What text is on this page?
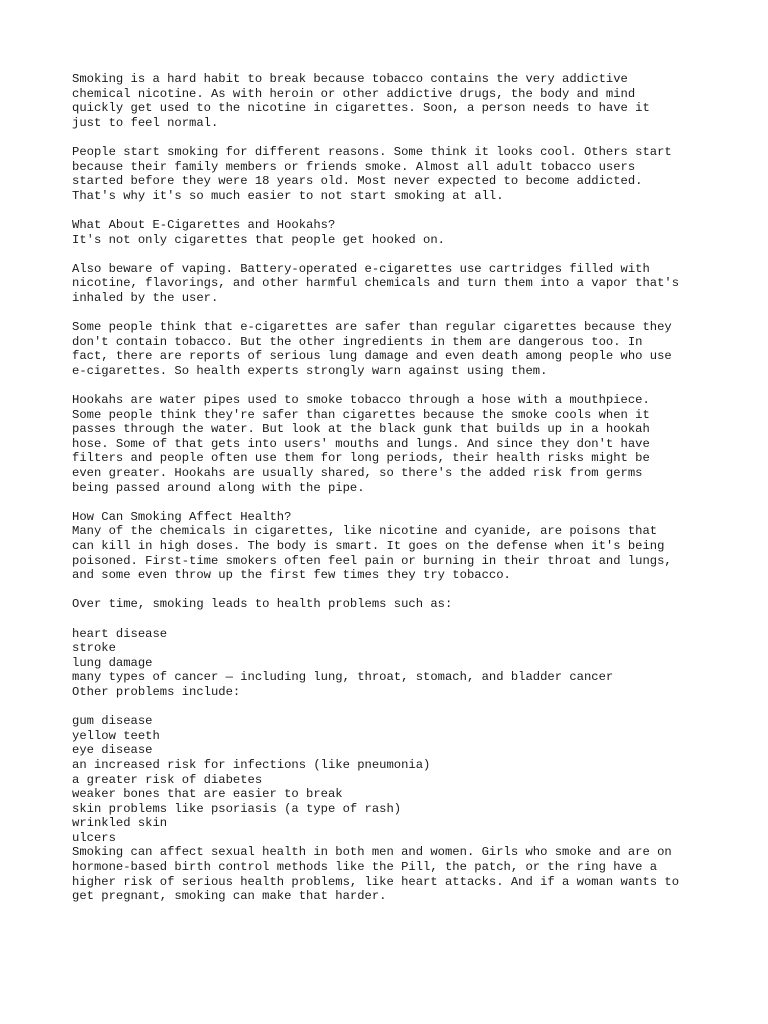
Smoking is a hard habit to break because tobacco contains the very addictive
chemical nicotine. As with heroin or other addictive drugs, the body and mind
quickly get used to the nicotine in cigarettes. Soon, a person needs to have it
just to feel normal.
People start smoking for different reasons. Some think it looks cool. Others start
because their family members or friends smoke. Almost all adult tobacco users
started before they were 18 years old. Most never expected to become addicted.
That's why it's so much easier to not start smoking at all.
What About E-Cigarettes and Hookahs?
It's not only cigarettes that people get hooked on.
Also beware of vaping. Battery-operated e-cigarettes use cartridges filled with
nicotine, flavorings, and other harmful chemicals and turn them into a vapor that's
inhaled by the user.
Some people think that e-cigarettes are safer than regular cigarettes because they
don't contain tobacco. But the other ingredients in them are dangerous too. In
fact, there are reports of serious lung damage and even death among people who use
e-cigarettes. So health experts strongly warn against using them.
Hookahs are water pipes used to smoke tobacco through a hose with a mouthpiece.
Some people think they're safer than cigarettes because the smoke cools when it
passes through the water. But look at the black gunk that builds up in a hookah
hose. Some of that gets into users' mouths and lungs. And since they don't have
filters and people often use them for long periods, their health risks might be
even greater. Hookahs are usually shared, so there's the added risk from germs
being passed around along with the pipe.
How Can Smoking Affect Health?
Many of the chemicals in cigarettes, like nicotine and cyanide, are poisons that
can kill in high doses. The body is smart. It goes on the defense when it's being
poisoned. First-time smokers often feel pain or burning in their throat and lungs,
and some even throw up the first few times they try tobacco.
Over time, smoking leads to health problems such as:
heart disease
stroke
lung damage
many types of cancer — including lung, throat, stomach, and bladder cancer
Other problems include:
gum disease
yellow teeth
eye disease
an increased risk for infections (like pneumonia)
a greater risk of diabetes
weaker bones that are easier to break
skin problems like psoriasis (a type of rash)
wrinkled skin
ulcers
Smoking can affect sexual health in both men and women. Girls who smoke and are on
hormone-based birth control methods like the Pill, the patch, or the ring have a
higher risk of serious health problems, like heart attacks. And if a woman wants to
get pregnant, smoking can make that harder.
